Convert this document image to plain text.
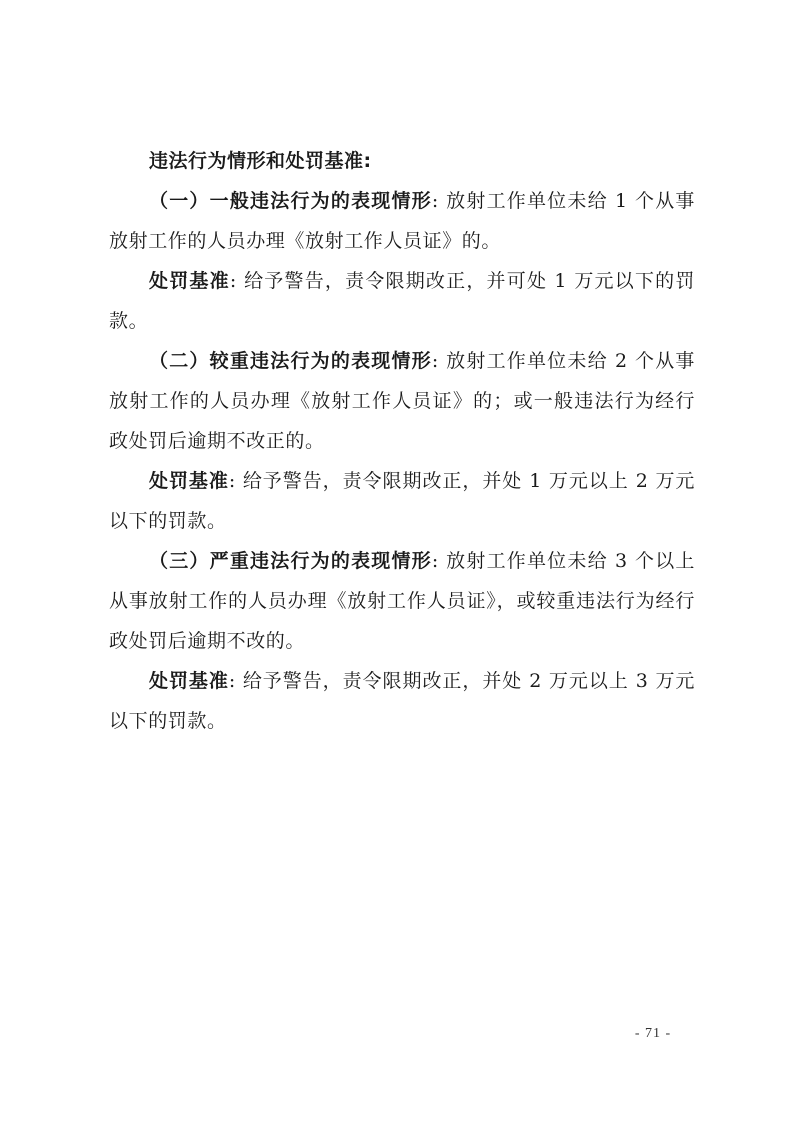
违法行为情形和处罚基准:

（一）一般违法行为的表现情形: 放射工作单位未给 1 个从事放射工作的人员办理《放射工作人员证》的。

处罚基准: 给予警告，责令限期改正，并可处 1 万元以下的罚款。

（二）较重违法行为的表现情形: 放射工作单位未给 2 个从事放射工作的人员办理《放射工作人员证》的；或一般违法行为经行政处罚后逾期不改正的。

处罚基准: 给予警告，责令限期改正，并处 1 万元以上 2 万元以下的罚款。

（三）严重违法行为的表现情形: 放射工作单位未给 3 个以上从事放射工作的人员办理《放射工作人员证》，或较重违法行为经行政处罚后逾期不改的。

处罚基准: 给予警告，责令限期改正，并处 2 万元以上 3 万元以下的罚款。

- 71 -
